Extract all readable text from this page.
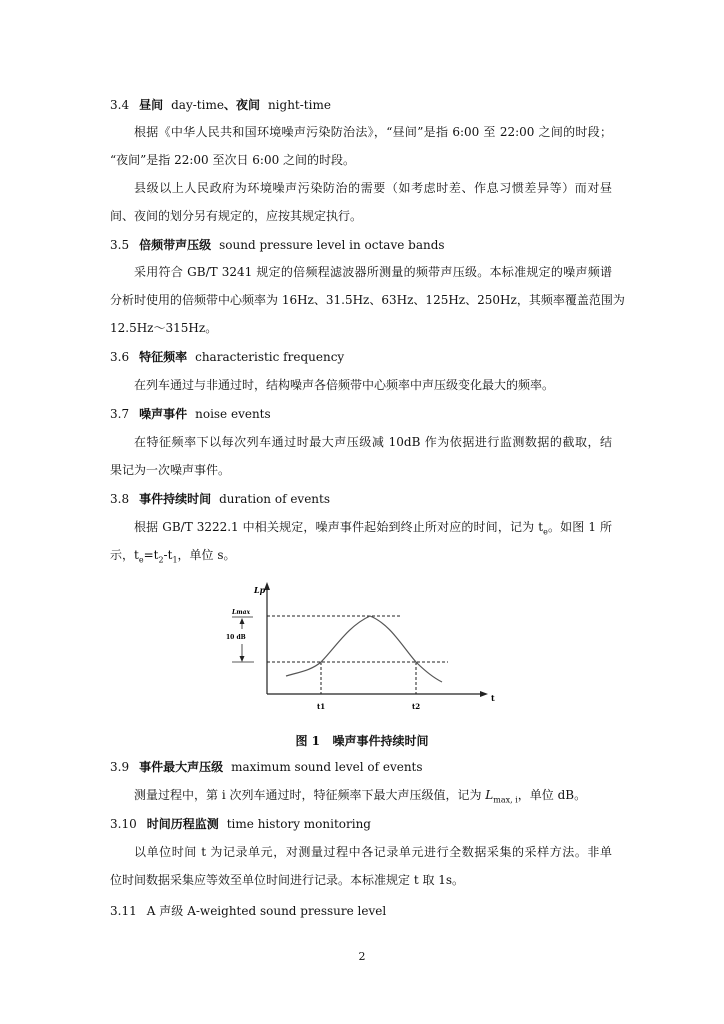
3.4 昼间 day-time、夜间 night-time
根据《中华人民共和国环境噪声污染防治法》，“昼间”是指 6:00 至 22:00 之间的时段；
“夜间”是指 22:00 至次日 6:00 之间的时段。
县级以上人民政府为环境噪声污染防治的需要（如考虑时差、作息习惯差异等）而对昼
间、夜间的划分另有规定的，应按其规定执行。
3.5 倍频带声压级 sound pressure level in octave bands
采用符合 GB/T 3241 规定的倍频程滤波器所测量的频带声压级。本标准规定的噪声频谱
分析时使用的倍频带中心频率为 16Hz、31.5Hz、63Hz、125Hz、250Hz，其频率覆盖范围为
12.5Hz～315Hz。
3.6 特征频率 characteristic frequency
在列车通过与非通过时，结构噪声各倍频带中心频率中声压级变化最大的频率。
3.7 噪声事件 noise events
在特征频率下以每次列车通过时最大声压级减 10dB 作为依据进行监测数据的截取，结
果记为一次噪声事件。
3.8 事件持续时间 duration of events
根据 GB/T 3222.1 中相关规定，噪声事件起始到终止所对应的时间，记为 $t_e$。如图 1 所
示，$t_e=t_2-t_1$，单位 s。
Lp
Lmax
10 dB
t1	t2
t
图 1 噪声事件持续时间
3.9 事件最大声压级 maximum sound level of events
测量过程中，第 i 次列车通过时，特征频率下最大声压级值，记为 $L_{max, i}$，单位 dB。
3.10 时间历程监测 time history monitoring
以单位时间 t 为记录单元，对测量过程中各记录单元进行全数据采集的采样方法。非单
位时间数据采集应等效至单位时间进行记录。本标准规定 t 取 1s。
3.11 A 声级 A-weighted sound pressure level
2
